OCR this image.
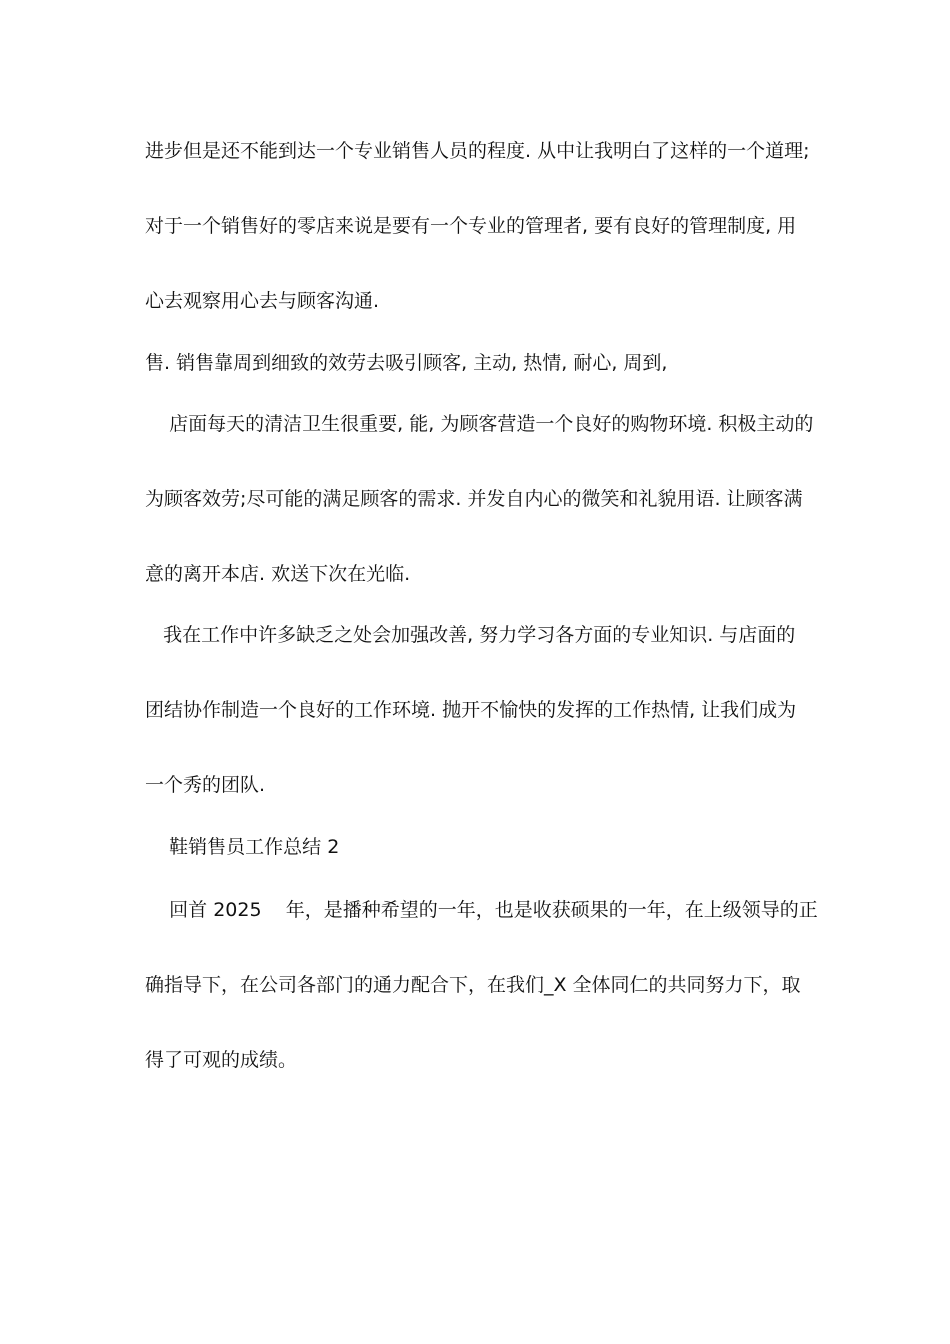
进步但是还不能到达一个专业销售人员的程度. 从中让我明白了这样的一个道理;
对于一个销售好的零店来说是要有一个专业的管理者, 要有良好的管理制度, 用
心去观察用心去与顾客沟通.
售. 销售靠周到细致的效劳去吸引顾客, 主动, 热情, 耐心, 周到,
店面每天的清洁卫生很重要, 能, 为顾客营造一个良好的购物环境. 积极主动的
为顾客效劳;尽可能的满足顾客的需求. 并发自内心的微笑和礼貌用语. 让顾客满
意的离开本店. 欢送下次在光临.
我在工作中许多缺乏之处会加强改善, 努力学习各方面的专业知识. 与店面的
团结协作制造一个良好的工作环境. 抛开不愉快的发挥的工作热情, 让我们成为
一个秀的团队.
鞋销售员工作总结 2
回首 2025    年，是播种希望的一年，也是收获硕果的一年，在上级领导的正
确指导下，在公司各部门的通力配合下，在我们_X 全体同仁的共同努力下，取
得了可观的成绩。
